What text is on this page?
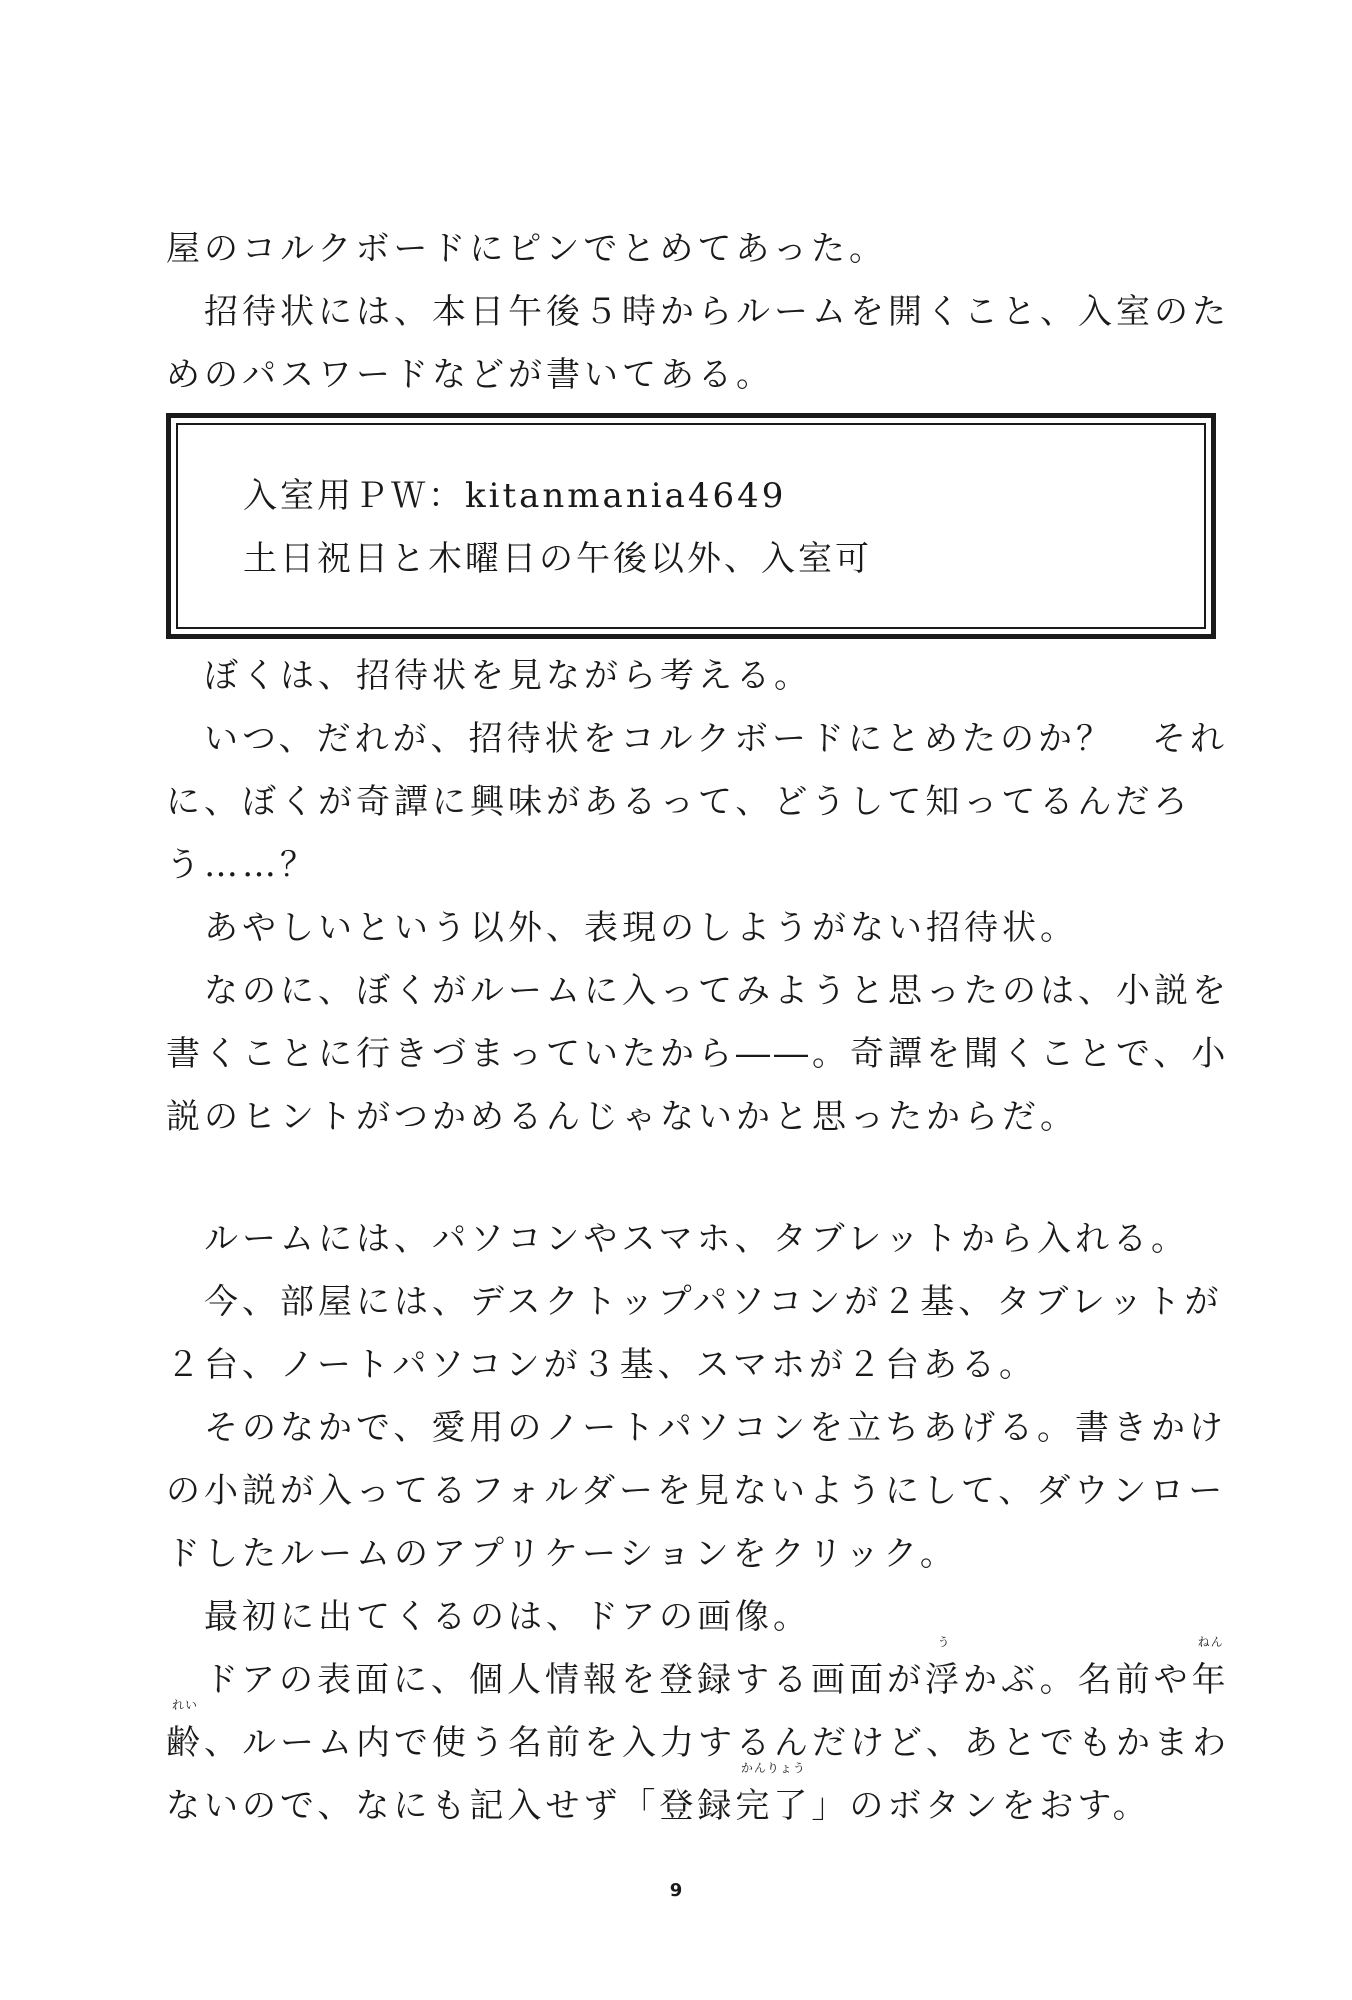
屋のコルクボードにピンでとめてあった。
　招待状には、本日午後５時からルームを開くこと、入室のた
めのパスワードなどが書いてある。
入室用ＰＷ：kitanmania4649
土日祝日と木曜日の午後以外、入室可
　ぼくは、招待状を見ながら考える。
　いつ、だれが、招待状をコルクボードにとめたのか？　それ
に、ぼくが奇譚に興味があるって、どうして知ってるんだろ
う……？
　あやしいという以外、表現のしようがない招待状。
　なのに、ぼくがルームに入ってみようと思ったのは、小説を
書くことに行きづまっていたから――。奇譚を聞くことで、小
説のヒントがつかめるんじゃないかと思ったからだ。
　ルームには、パソコンやスマホ、タブレットから入れる。
　今、部屋には、デスクトップパソコンが２基、タブレットが
２台、ノートパソコンが３基、スマホが２台ある。
　そのなかで、愛用のノートパソコンを立ちあげる。書きかけ
の小説が入ってるフォルダーを見ないようにして、ダウンロー
ドしたルームのアプリケーションをクリック。
　最初に出てくるのは、ドアの画像。
　ドアの表面に、個人情報を登録する画面が
う
浮かぶ。名前や
ねん
年
れい
齢、ルーム内で使う名前を入力するんだけど、あとでもかまわ
ないので、なにも記入せず「登録
かんりょう
完了」のボタンをおす。
9
